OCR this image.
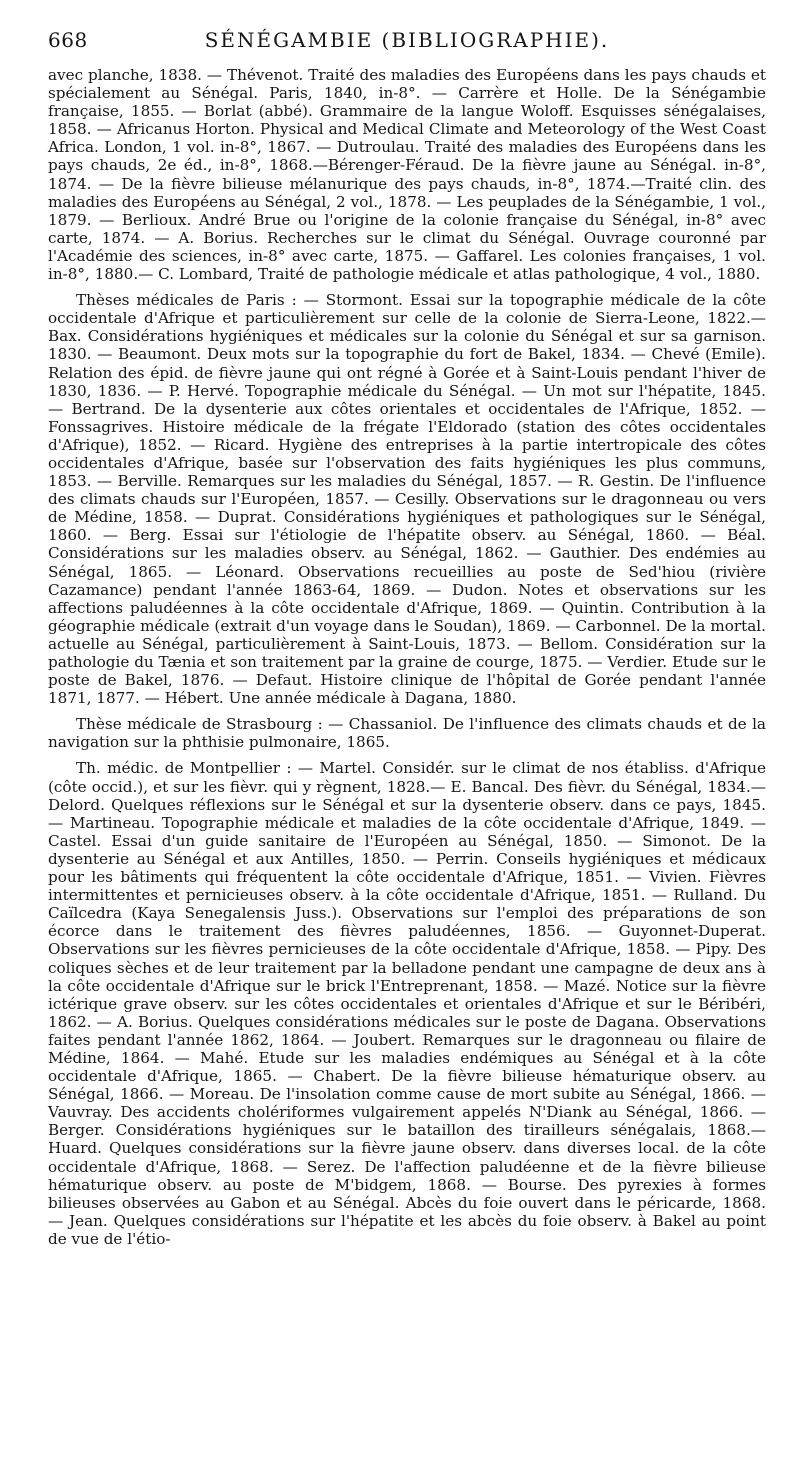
668	SÉNÉGAMBIE (BIBLIOGRAPHIE).

avec planche, 1838. — Thévenot. Traité des maladies des Européens dans les pays chauds et spécialement au Sénégal. Paris, 1840, in-8°. — Carrère et Holle. De la Sénégambie française, 1855. — Borlat (abbé). Grammaire de la langue Woloff. Esquisses sénégalaises, 1858. — Africanus Horton. Physical and Medical Climate and Meteorology of the West Coast Africa. London, 1 vol. in-8°, 1867. — Dutroulau. Traité des maladies des Européens dans les pays chauds, 2e éd., in-8°, 1868.—Bérenger-Féraud. De la fièvre jaune au Sénégal. in-8°, 1874. — De la fièvre bilieuse mélanurique des pays chauds, in-8°, 1874.—Traité clin. des maladies des Européens au Sénégal, 2 vol., 1878. — Les peuplades de la Sénégambie, 1 vol., 1879. — Berlioux. André Brue ou l'origine de la colonie française du Sénégal, in-8° avec carte, 1874. — A. Borius. Recherches sur le climat du Sénégal. Ouvrage couronné par l'Académie des sciences, in-8° avec carte, 1875. — Gaffarel. Les colonies françaises, 1 vol. in-8°, 1880.— C. Lombard, Traité de pathologie médicale et atlas pathologique, 4 vol., 1880.

Thèses médicales de Paris : — Stormont. Essai sur la topographie médicale de la côte occidentale d'Afrique et particulièrement sur celle de la colonie de Sierra-Leone, 1822.— Bax. Considérations hygiéniques et médicales sur la colonie du Sénégal et sur sa garnison. 1830. — Beaumont. Deux mots sur la topographie du fort de Bakel, 1834. — Chevé (Emile). Relation des épid. de fièvre jaune qui ont régné à Gorée et à Saint-Louis pendant l'hiver de 1830, 1836. — P. Hervé. Topographie médicale du Sénégal. — Un mot sur l'hépatite, 1845. — Bertrand. De la dysenterie aux côtes orientales et occidentales de l'Afrique, 1852. — Fonssagrives. Histoire médicale de la frégate l'Eldorado (station des côtes occidentales d'Afrique), 1852. — Ricard. Hygiène des entreprises à la partie intertropicale des côtes occidentales d'Afrique, basée sur l'observation des faits hygiéniques les plus communs, 1853. — Berville. Remarques sur les maladies du Sénégal, 1857. — R. Gestin. De l'influence des climats chauds sur l'Européen, 1857. — Cesilly. Observations sur le dragonneau ou vers de Médine, 1858. — Duprat. Considérations hygiéniques et pathologiques sur le Sénégal, 1860. — Berg. Essai sur l'étiologie de l'hépatite observ. au Sénégal, 1860. — Béal. Considérations sur les maladies observ. au Sénégal, 1862. — Gauthier. Des endémies au Sénégal, 1865. — Léonard. Observations recueillies au poste de Sed'hiou (rivière Cazamance) pendant l'année 1863-64, 1869. — Dudon. Notes et observations sur les affections paludéennes à la côte occidentale d'Afrique, 1869. — Quintin. Contribution à la géographie médicale (extrait d'un voyage dans le Soudan), 1869. — Carbonnel. De la mortal. actuelle au Sénégal, particulièrement à Saint-Louis, 1873. — Bellom. Considération sur la pathologie du Tænia et son traitement par la graine de courge, 1875. — Verdier. Etude sur le poste de Bakel, 1876. — Defaut. Histoire clinique de l'hôpital de Gorée pendant l'année 1871, 1877. — Hébert. Une année médicale à Dagana, 1880.

Thèse médicale de Strasbourg : — Chassaniol. De l'influence des climats chauds et de la navigation sur la phthisie pulmonaire, 1865.

Th. médic. de Montpellier : — Martel. Considér. sur le climat de nos établiss. d'Afrique (côte occid.), et sur les fièvr. qui y règnent, 1828.— E. Bancal. Des fièvr. du Sénégal, 1834.— Delord. Quelques réflexions sur le Sénégal et sur la dysenterie observ. dans ce pays, 1845. — Martineau. Topographie médicale et maladies de la côte occidentale d'Afrique, 1849. — Castel. Essai d'un guide sanitaire de l'Européen au Sénégal, 1850. — Simonot. De la dysenterie au Sénégal et aux Antilles, 1850. — Perrin. Conseils hygiéniques et médicaux pour les bâtiments qui fréquentent la côte occidentale d'Afrique, 1851. — Vivien. Fièvres intermittentes et pernicieuses observ. à la côte occidentale d'Afrique, 1851. — Rulland. Du Caïlcedra (Kaya Senegalensis Juss.). Observations sur l'emploi des préparations de son écorce dans le traitement des fièvres paludéennes, 1856. — Guyonnet-Duperat. Observations sur les fièvres pernicieuses de la côte occidentale d'Afrique, 1858. — Pipy. Des coliques sèches et de leur traitement par la belladone pendant une campagne de deux ans à la côte occidentale d'Afrique sur le brick l'Entreprenant, 1858. — Mazé. Notice sur la fièvre ictérique grave observ. sur les côtes occidentales et orientales d'Afrique et sur le Béribéri, 1862. — A. Borius. Quelques considérations médicales sur le poste de Dagana. Observations faites pendant l'année 1862, 1864. — Joubert. Remarques sur le dragonneau ou filaire de Médine, 1864. — Mahé. Etude sur les maladies endémiques au Sénégal et à la côte occidentale d'Afrique, 1865. — Chabert. De la fièvre bilieuse hématurique observ. au Sénégal, 1866. — Moreau. De l'insolation comme cause de mort subite au Sénégal, 1866. — Vauvray. Des accidents cholériformes vulgairement appelés N'Diank au Sénégal, 1866. — Berger. Considérations hygiéniques sur le bataillon des tirailleurs sénégalais, 1868.— Huard. Quelques considérations sur la fièvre jaune observ. dans diverses local. de la côte occidentale d'Afrique, 1868. — Serez. De l'affection paludéenne et de la fièvre bilieuse hématurique observ. au poste de M'bidgem, 1868. — Bourse. Des pyrexies à formes bilieuses observées au Gabon et au Sénégal. Abcès du foie ouvert dans le péricarde, 1868. — Jean. Quelques considérations sur l'hépatite et les abcès du foie observ. à Bakel au point de vue de l'étio-
